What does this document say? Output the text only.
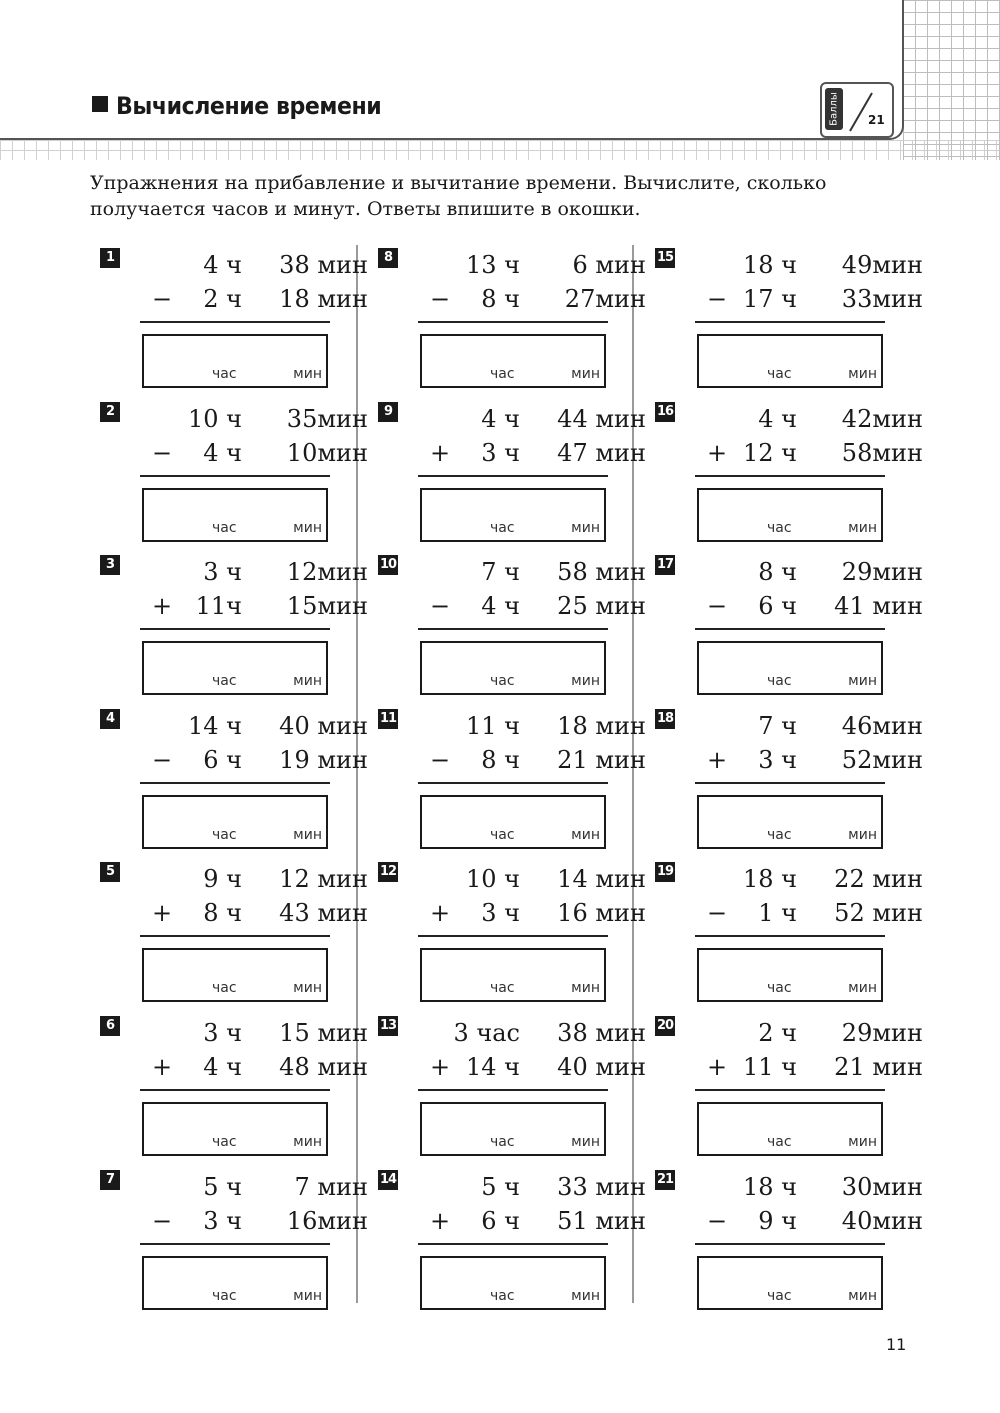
Вычисление времени	Баллы 21
Упражнения на прибавление и вычитание времени. Вычислите, сколько получается часов и минут. Ответы впишите в окошки.
1	4 ч 38 мин
− 2 ч 18 мин
час	мин
2	10 ч 35мин
− 4 ч 10мин
час	мин
3	3 ч 12мин
+ 11ч 15мин
час	мин
4	14 ч 40 мин
− 6 ч 19 мин
час	мин
5	9 ч 12 мин
+ 8 ч 43 мин
час	мин
6	3 ч 15 мин
+ 4 ч 48 мин
час	мин
7	5 ч 7 мин
− 3 ч 16мин
час	мин
8	13 ч 6 мин
− 8 ч 27мин
час	мин
9	4 ч 44 мин
+ 3 ч 47 мин
час	мин
10	7 ч 58 мин
− 4 ч 25 мин
час	мин
11	11 ч 18 мин
− 8 ч 21 мин
час	мин
12	10 ч 14 мин
+ 3 ч 16 мин
час	мин
13 3 час 38 мин
+ 14 ч 40 мин
час	мин
14	5 ч 33 мин
+ 6 ч 51 мин
час	мин
15	18 ч 49мин
− 17 ч 33мин
час	мин
16	4 ч 42мин
+ 12 ч 58мин
час	мин
17	8 ч 29мин
− 6 ч 41 мин
час	мин
18	7 ч 46мин
+ 3 ч 52мин
час	мин
19	18 ч 22 мин
− 1 ч 52 мин
час	мин
20	2 ч 29мин
+ 11 ч 21 мин
час	мин
21	18 ч 30мин
− 9 ч 40мин
час	мин
11
